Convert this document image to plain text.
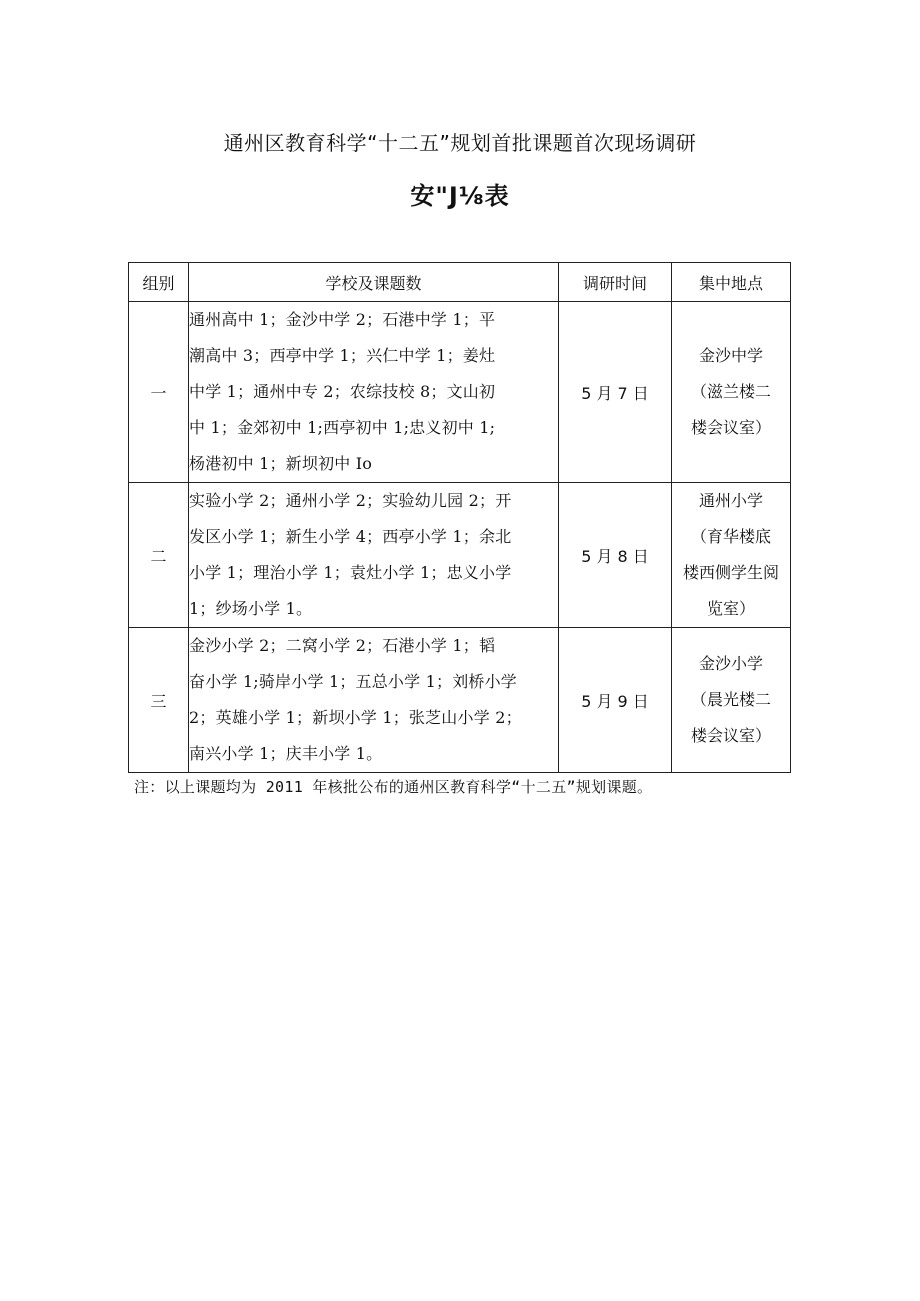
通州区教育科学“十二五”规划首批课题首次现场调研
安"J⅛表
组别	学校及课题数	调研时间	集中地点
一	通州高中 1；金沙中学 2；石港中学 1；平
潮高中 3；西亭中学 1；兴仁中学 1；姜灶
中学 1；通州中专 2；农综技校 8；文山初
中 1；金郊初中 1;西亭初中 1;忠义初中 1;
杨港初中 1；新坝初中 Io	5 月 7 日	金沙中学
（滋兰楼二
楼会议室）

二	实验小学 2；通州小学 2；实验幼儿园 2；开
发区小学 1；新生小学 4；西亭小学 1；余北
小学 1；理治小学 1；袁灶小学 1；忠义小学
1；纱场小学 1。	5 月 8 日	通州小学
（育华楼底
楼西侧学生阅
览室）

三	金沙小学 2；二窝小学 2；石港小学 1；韬
奋小学 1;骑岸小学 1；五总小学 1；刘桥小学
2；英雄小学 1；新坝小学 1；张芝山小学 2；
南兴小学 1；庆丰小学 1。	5 月 9 日	金沙小学
（晨光楼二
楼会议室）
注：以上课题均为 2011 年核批公布的通州区教育科学“十二五”规划课题。
